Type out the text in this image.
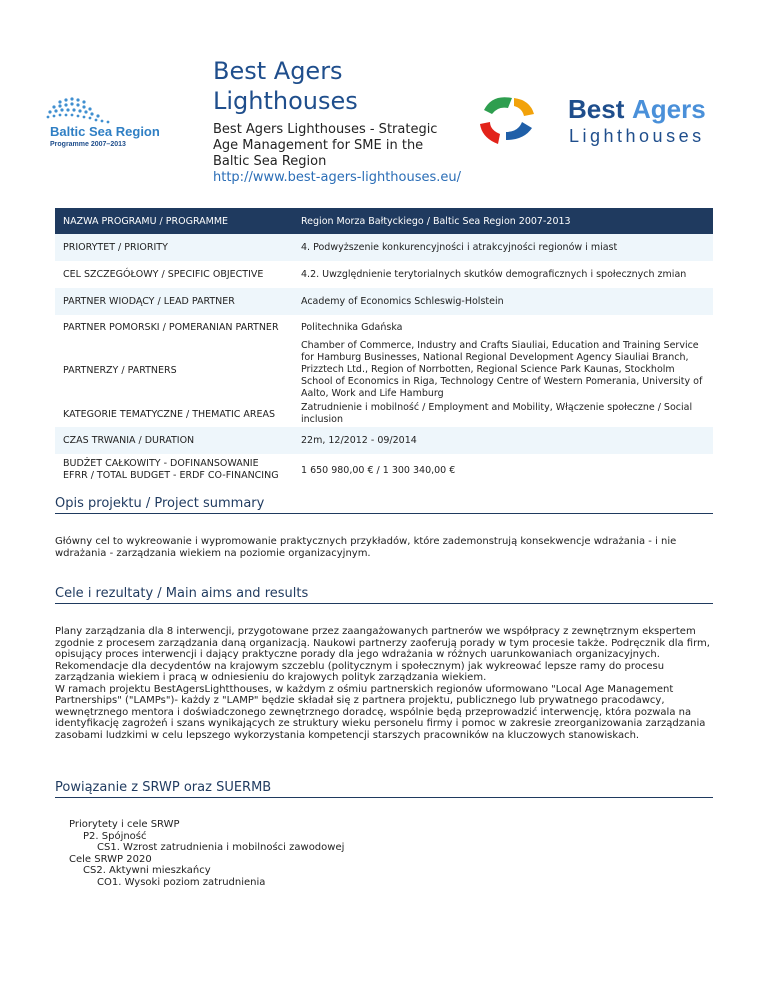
Baltic Sea Region
Programme 2007–2013
Best Agers Lighthouses
Best Agers Lighthouses - Strategic Age Management for SME in the Baltic Sea Region
http://www.best-agers-lighthouses.eu/
Best Agers
Lighthouses
NAZWA PROGRAMU / PROGRAMME	Region Morza Bałtyckiego / Baltic Sea Region 2007-2013
PRIORYTET / PRIORITY	4. Podwyższenie konkurencyjności i atrakcyjności regionów i miast
CEL SZCZEGÓŁOWY / SPECIFIC OBJECTIVE	4.2. Uwzględnienie terytorialnych skutków demograficznych i społecznych zmian
PARTNER WIODĄCY / LEAD PARTNER	Academy of Economics Schleswig-Holstein
PARTNER POMORSKI / POMERANIAN PARTNER	Politechnika Gdańska
PARTNERZY / PARTNERS	Chamber of Commerce, Industry and Crafts Siauliai, Education and Training Service for Hamburg Businesses, National Regional Development Agency Siauliai Branch, Prizztech Ltd., Region of Norrbotten, Regional Science Park Kaunas, Stockholm School of Economics in Riga, Technology Centre of Western Pomerania, University of Aalto, Work and Life Hamburg
KATEGORIE TEMATYCZNE / THEMATIC AREAS	Zatrudnienie i mobilność / Employment and Mobility, Włączenie społeczne / Social inclusion
CZAS TRWANIA / DURATION	22m, 12/2012 - 09/2014
BUDŻET CAŁKOWITY - DOFINANSOWANIE EFRR / TOTAL BUDGET - ERDF CO-FINANCING	1 650 980,00 € / 1 300 340,00 €
Opis projektu / Project summary
Główny cel to wykreowanie i wypromowanie praktycznych przykładów, które zademonstrują konsekwencje wdrażania - i nie wdrażania - zarządzania wiekiem na poziomie organizacyjnym.
Cele i rezultaty / Main aims and results
Plany zarządzania dla 8 interwencji, przygotowane przez zaangażowanych partnerów we współpracy z zewnętrznym ekspertem zgodnie z procesem zarządzania daną organizacją. Naukowi partnerzy zaoferują porady w tym procesie także. Podręcznik dla firm, opisujący proces interwencji i dający praktyczne porady dla jego wdrażania w różnych uarunkowaniach organizacyjnych. Rekomendacje dla decydentów na krajowym szczeblu (politycznym i społecznym) jak wykreować lepsze ramy do procesu zarządzania wiekiem i pracą w odniesieniu do krajowych polityk zarządzania wiekiem.
W ramach projektu BestAgersLightthouses, w każdym z ośmiu partnerskich regionów uformowano "Local Age Management Partnerships" ("LAMPs")- każdy z "LAMP" będzie składał się z partnera projektu, publicznego lub prywatnego pracodawcy, wewnętrznego mentora i doświadczonego zewnętrznego doradcę, wspólnie będą przeprowadzić interwencję, która pozwala na identyfikację zagrożeń i szans wynikających ze struktury wieku personelu firmy i pomoc w zakresie zreorganizowania zarządzania zasobami ludzkimi w celu lepszego wykorzystania kompetencji starszych pracowników na kluczowych stanowiskach.
Powiązanie z SRWP oraz SUERMB
Priorytety i cele SRWP
P2. Spójność
CS1. Wzrost zatrudnienia i mobilności zawodowej
Cele SRWP 2020
CS2. Aktywni mieszkańcy
CO1. Wysoki poziom zatrudnienia
